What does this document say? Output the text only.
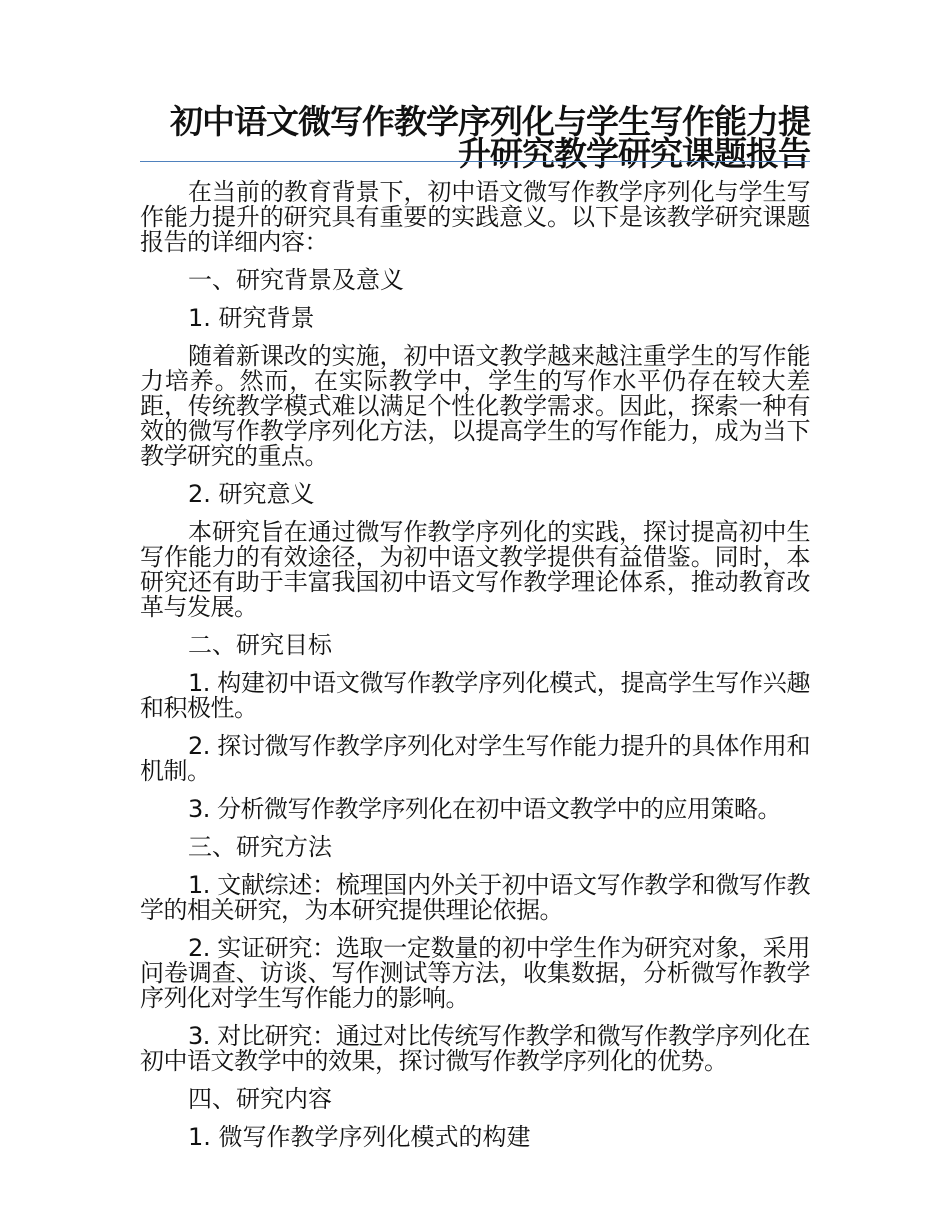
初中语文微写作教学序列化与学生写作能力提升研究教学研究课题报告

在当前的教育背景下，初中语文微写作教学序列化与学生写作能力提升的研究具有重要的实践意义。以下是该教学研究课题报告的详细内容：

一、研究背景及意义

1. 研究背景

随着新课改的实施，初中语文教学越来越注重学生的写作能力培养。然而，在实际教学中，学生的写作水平仍存在较大差距，传统教学模式难以满足个性化教学需求。因此，探索一种有效的微写作教学序列化方法，以提高学生的写作能力，成为当下教学研究的重点。

2. 研究意义

本研究旨在通过微写作教学序列化的实践，探讨提高初中生写作能力的有效途径，为初中语文教学提供有益借鉴。同时，本研究还有助于丰富我国初中语文写作教学理论体系，推动教育改革与发展。

二、研究目标

1. 构建初中语文微写作教学序列化模式，提高学生写作兴趣和积极性。

2. 探讨微写作教学序列化对学生写作能力提升的具体作用和机制。

3. 分析微写作教学序列化在初中语文教学中的应用策略。

三、研究方法

1. 文献综述：梳理国内外关于初中语文写作教学和微写作教学的相关研究，为本研究提供理论依据。

2. 实证研究：选取一定数量的初中学生作为研究对象，采用问卷调查、访谈、写作测试等方法，收集数据，分析微写作教学序列化对学生写作能力的影响。

3. 对比研究：通过对比传统写作教学和微写作教学序列化在初中语文教学中的效果，探讨微写作教学序列化的优势。

四、研究内容

1. 微写作教学序列化模式的构建
